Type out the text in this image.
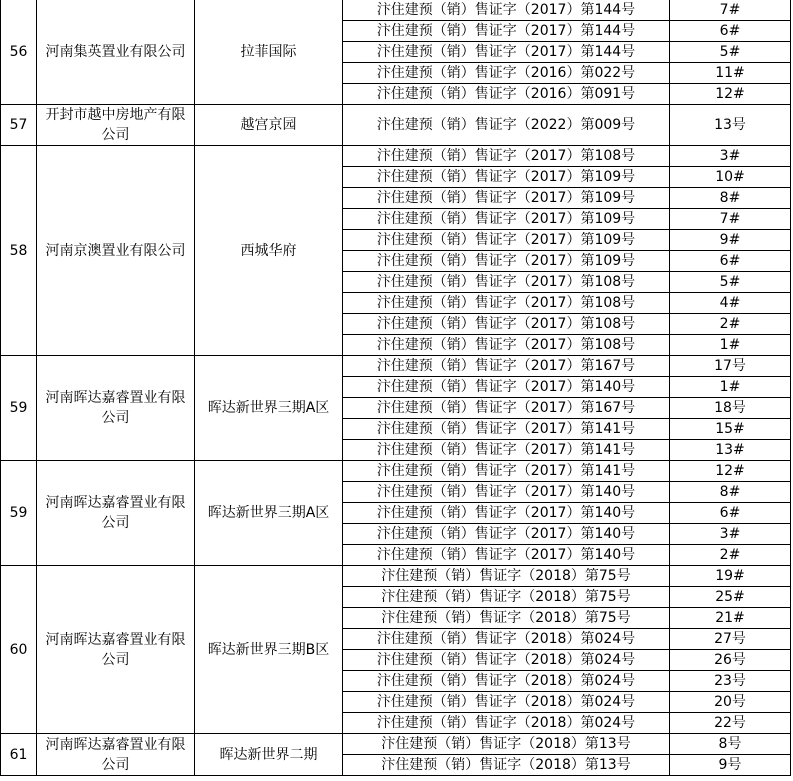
56	河南集英置业有限公司	拉菲国际	汴住建预（销）售证字（2017）第144号	7#
			汴住建预（销）售证字（2017）第144号	6#
			汴住建预（销）售证字（2017）第144号	5#
			汴住建预（销）售证字（2016）第022号	11#
			汴住建预（销）售证字（2016）第091号	12#
57	开封市越中房地产有限公司	越宫京园	汴住建预（销）售证字（2022）第009号	13号
58	河南京澳置业有限公司	西城华府	汴住建预（销）售证字（2017）第108号	3#
			汴住建预（销）售证字（2017）第109号	10#
			汴住建预（销）售证字（2017）第109号	8#
			汴住建预（销）售证字（2017）第109号	7#
			汴住建预（销）售证字（2017）第109号	9#
			汴住建预（销）售证字（2017）第109号	6#
			汴住建预（销）售证字（2017）第108号	5#
			汴住建预（销）售证字（2017）第108号	4#
			汴住建预（销）售证字（2017）第108号	2#
			汴住建预（销）售证字（2017）第108号	1#
59	河南晖达嘉睿置业有限公司	晖达新世界三期A区	汴住建预（销）售证字（2017）第167号	17号
			汴住建预（销）售证字（2017）第140号	1#
			汴住建预（销）售证字（2017）第167号	18号
			汴住建预（销）售证字（2017）第141号	15#
			汴住建预（销）售证字（2017）第141号	13#
59	河南晖达嘉睿置业有限公司	晖达新世界三期A区	汴住建预（销）售证字（2017）第141号	12#
			汴住建预（销）售证字（2017）第140号	8#
			汴住建预（销）售证字（2017）第140号	6#
			汴住建预（销）售证字（2017）第140号	3#
			汴住建预（销）售证字（2017）第140号	2#
60	河南晖达嘉睿置业有限公司	晖达新世界三期B区	汴住建预（销）售证字（2018）第75号	19#
			汴住建预（销）售证字（2018）第75号	25#
			汴住建预（销）售证字（2018）第75号	21#
			汴住建预（销）售证字（2018）第024号	27号
			汴住建预（销）售证字（2018）第024号	26号
			汴住建预（销）售证字（2018）第024号	23号
			汴住建预（销）售证字（2018）第024号	20号
			汴住建预（销）售证字（2018）第024号	22号
61	河南晖达嘉睿置业有限公司	晖达新世界二期	汴住建预（销）售证字（2018）第13号	8号
			汴住建预（销）售证字（2018）第13号	9号
